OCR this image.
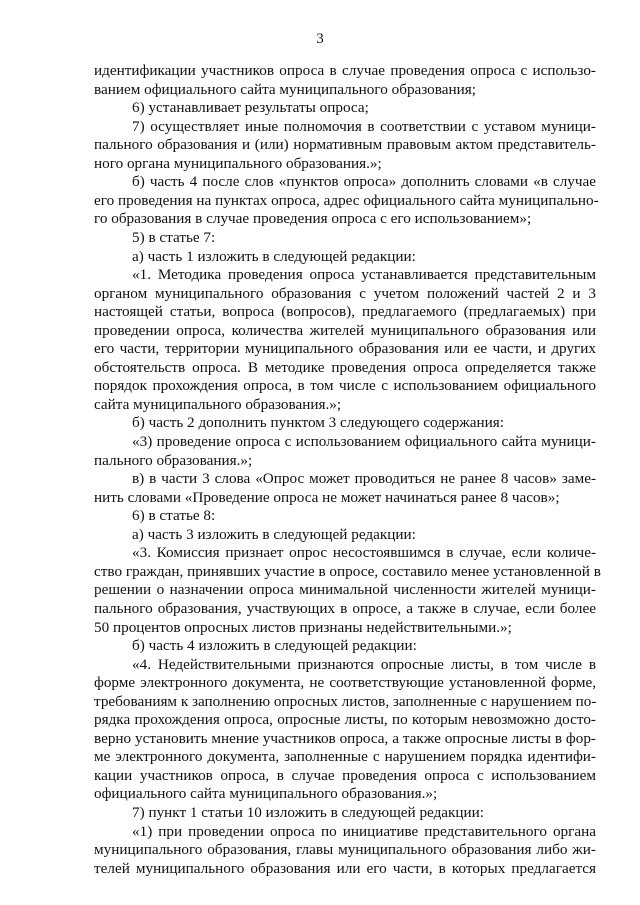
3
идентификации участников опроса в случае проведения опроса с использо-
ванием официального сайта муниципального образования;
6) устанавливает результаты опроса;
7) осуществляет иные полномочия в соответствии с уставом муници-
пального образования и (или) нормативным правовым актом представитель-
ного органа муниципального образования.»;
б) часть 4 после слов «пунктов опроса» дополнить словами «в случае
его проведения на пунктах опроса, адрес официального сайта муниципально-
го образования в случае проведения опроса с его использованием»;
5) в статье 7:
а) часть 1 изложить в следующей редакции:
«1. Методика проведения опроса устанавливается представительным
органом муниципального образования с учетом положений частей 2 и 3
настоящей статьи, вопроса (вопросов), предлагаемого (предлагаемых) при
проведении опроса, количества жителей муниципального образования или
его части, территории муниципального образования или ее части, и других
обстоятельств опроса. В методике проведения опроса определяется также
порядок прохождения опроса, в том числе с использованием официального
сайта муниципального образования.»;
б) часть 2 дополнить пунктом 3 следующего содержания:
«3) проведение опроса с использованием официального сайта муници-
пального образования.»;
в) в части 3 слова «Опрос может проводиться не ранее 8 часов» заме-
нить словами «Проведение опроса не может начинаться ранее 8 часов»;
6) в статье 8:
а) часть 3 изложить в следующей редакции:
«3. Комиссия признает опрос несостоявшимся в случае, если количе-
ство граждан, принявших участие в опросе, составило менее установленной в
решении о назначении опроса минимальной численности жителей муници-
пального образования, участвующих в опросе, а также в случае, если более
50 процентов опросных листов признаны недействительными.»;
б) часть 4 изложить в следующей редакции:
«4. Недействительными признаются опросные листы, в том числе в
форме электронного документа, не соответствующие установленной форме,
требованиям к заполнению опросных листов, заполненные с нарушением по-
рядка прохождения опроса, опросные листы, по которым невозможно досто-
верно установить мнение участников опроса, а также опросные листы в фор-
ме электронного документа, заполненные с нарушением порядка идентифи-
кации участников опроса, в случае проведения опроса с использованием
официального сайта муниципального образования.»;
7) пункт 1 статьи 10 изложить в следующей редакции:
«1) при проведении опроса по инициативе представительного органа
муниципального образования, главы муниципального образования либо жи-
телей муниципального образования или его части, в которых предлагается
